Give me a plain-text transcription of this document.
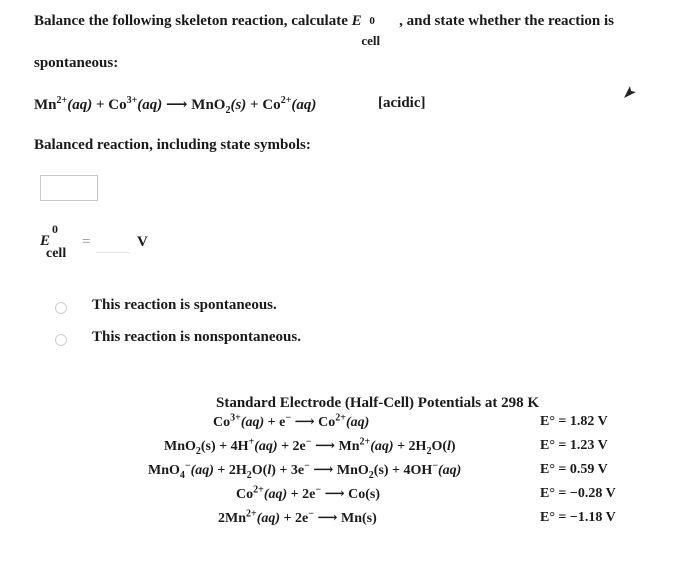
Balance the following skeleton reaction, calculate E 0
cell
, and state whether the reaction is
spontaneous:
$Mn^{2+}(aq) + Co^{3+}(aq)$ ⟶ $MnO_2(s) + Co^{2+}(aq)$	[acidic]
Balanced reaction, including state symbols:
E
0
cell
=	V
This reaction is spontaneous.
This reaction is nonspontaneous.
Standard Electrode (Half-Cell) Potentials at 298 K
$Co^{3+}(aq) + e^-$ ⟶ $Co^{2+}(aq)$	E° = 1.82 V
MnO$_2$(s) + 4H+(aq) + 2e− ⟶ $Mn^{2+}(aq) + 2H_2O(l)$	E° = 1.23 V
$MnO_4^-(aq) + 2H_2O(l) + 3e^-$ ⟶ MnO$_2$(s) + 4OH−(aq)	E° = 0.59 V
$Co^{2+}(aq) + 2e^-$ ⟶ Co(s)	E° = −0.28 V
$2Mn^{2+}(aq) + 2e^-$ ⟶ Mn(s)	E° = −1.18 V
